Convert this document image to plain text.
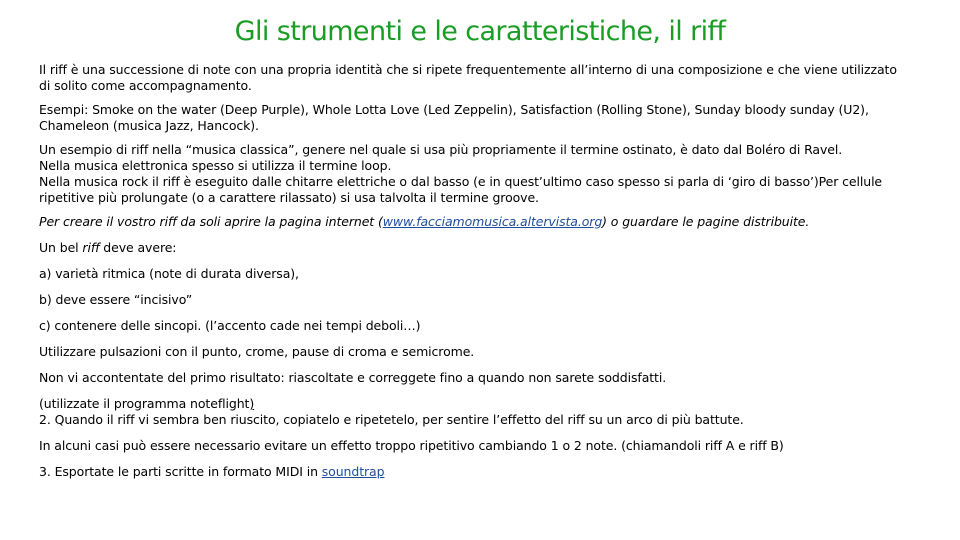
Gli strumenti e le caratteristiche, il riff

Il riff è una successione di note con una propria identità che si ripete frequentemente all’interno di una composizione e che viene utilizzato di solito come accompagnamento.

Esempi: Smoke on the water (Deep Purple), Whole Lotta Love (Led Zeppelin), Satisfaction (Rolling Stone), Sunday bloody sunday (U2), Chameleon (musica Jazz, Hancock).

Un esempio di riff nella “musica classica”, genere nel quale si usa più propriamente il termine ostinato, è dato dal Boléro di Ravel.
Nella musica elettronica spesso si utilizza il termine loop.
Nella musica rock il riff è eseguito dalle chitarre elettriche o dal basso (e in quest’ultimo caso spesso si parla di ‘giro di basso’)Per cellule ripetitive più prolungate (o a carattere rilassato) si usa talvolta il termine groove.

Per creare il vostro riff da soli aprire la pagina internet (www.facciamomusica.altervista.org) o guardare le pagine distribuite.

Un bel riff deve avere:

a) varietà ritmica (note di durata diversa),

b) deve essere “incisivo”

c) contenere delle sincopi. (l’accento cade nei tempi deboli…)

Utilizzare pulsazioni con il punto, crome, pause di croma e semicrome.

Non vi accontentate del primo risultato: riascoltate e correggete fino a quando non sarete soddisfatti.

(utilizzate il programma noteflight)
2. Quando il riff vi sembra ben riuscito, copiatelo e ripetetelo, per sentire l’effetto del riff su un arco di più battute.

In alcuni casi può essere necessario evitare un effetto troppo ripetitivo cambiando 1 o 2 note. (chiamandoli riff A e riff B)

3. Esportate le parti scritte in formato MIDI in soundtrap
